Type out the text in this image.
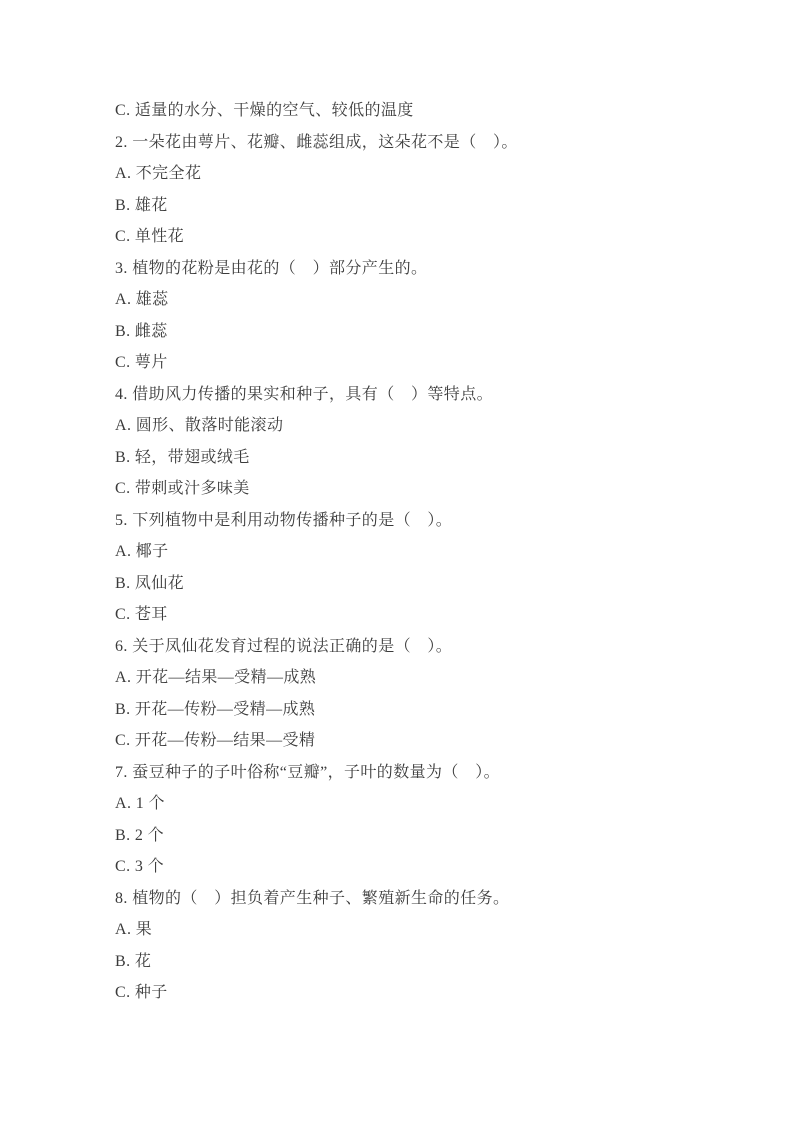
C. 适量的水分、干燥的空气、较低的温度

2. 一朵花由萼片、花瓣、雌蕊组成，这朵花不是（　）。

A. 不完全花

B. 雄花

C. 单性花

3. 植物的花粉是由花的（　）部分产生的。

A. 雄蕊

B. 雌蕊

C. 萼片

4. 借助风力传播的果实和种子，具有（　）等特点。

A. 圆形、散落时能滚动

B. 轻，带翅或绒毛

C. 带刺或汁多味美

5. 下列植物中是利用动物传播种子的是（　）。

A. 椰子

B. 凤仙花

C. 苍耳

6. 关于凤仙花发育过程的说法正确的是（　）。

A. 开花—结果—受精—成熟

B. 开花—传粉—受精—成熟

C. 开花—传粉—结果—受精

7. 蚕豆种子的子叶俗称“豆瓣”，子叶的数量为（　）。

A. 1 个

B. 2 个

C. 3 个

8. 植物的（　）担负着产生种子、繁殖新生命的任务。

A. 果

B. 花

C. 种子
